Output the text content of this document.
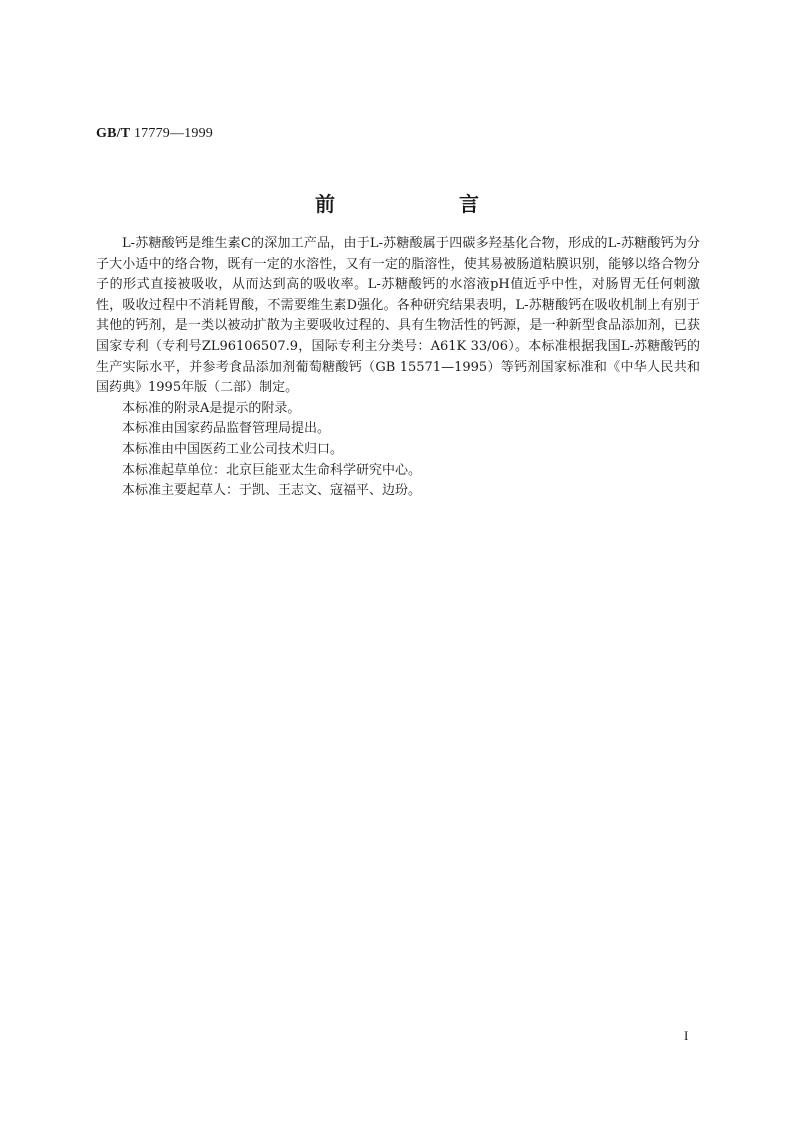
GB/T 17779—1999
前　言

L-苏糖酸钙是维生素C的深加工产品，由于L-苏糖酸属于四碳多羟基化合物，形成的L-苏糖酸钙为分子大小适中的络合物，既有一定的水溶性，又有一定的脂溶性，使其易被肠道粘膜识别，能够以络合物分子的形式直接被吸收，从而达到高的吸收率。L-苏糖酸钙的水溶液pH值近乎中性，对肠胃无任何刺激性，吸收过程中不消耗胃酸，不需要维生素D强化。各种研究结果表明，L-苏糖酸钙在吸收机制上有别于其他的钙剂，是一类以被动扩散为主要吸收过程的、具有生物活性的钙源，是一种新型食品添加剂，已获国家专利（专利号ZL96106507.9，国际专利主分类号：A61K 33/06）。本标准根据我国L-苏糖酸钙的生产实际水平，并参考食品添加剂葡萄糖酸钙（GB 15571—1995）等钙剂国家标准和《中华人民共和国药典》1995年版（二部）制定。

本标准的附录A是提示的附录。

本标准由国家药品监督管理局提出。

本标准由中国医药工业公司技术归口。

本标准起草单位：北京巨能亚太生命科学研究中心。

本标准主要起草人：于凯、王志文、寇福平、边玢。

I
